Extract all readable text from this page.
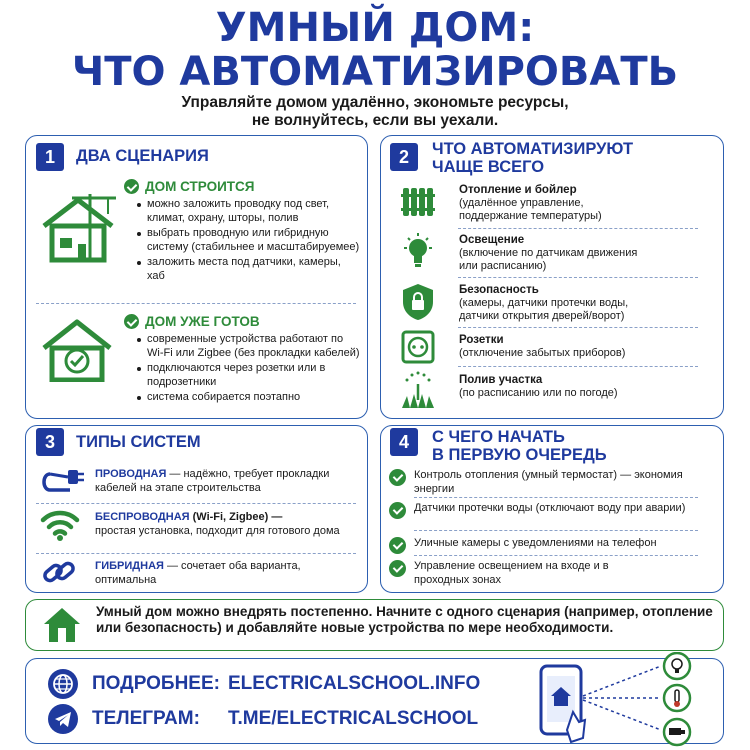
УМНЫЙ ДОМ:
ЧТО АВТОМАТИЗИРОВАТЬ
Управляйте домом удалённо, экономьте ресурсы,
не волнуйтесь, если вы уехали.
1	ДВА СЦЕНАРИЯ
ДОМ СТРОИТСЯ
можно заложить проводку под свет, климат, охрану, шторы, полив
выбрать проводную или гибридную систему (стабильнее и масштабируемее)
заложить места под датчики, камеры, хаб
ДОМ УЖЕ ГОТОВ
современные устройства работают по Wi-Fi или Zigbee (без прокладки кабелей)
подключаются через розетки или в подрозетники
система собирается поэтапно
2	ЧТО АВТОМАТИЗИРУЮТ
ЧАЩЕ ВСЕГО
Отопление и бойлер
(удалённое управление,
поддержание температуры)
Освещение
(включение по датчикам движения
или расписанию)
Безопасность
(камеры, датчики протечки воды,
датчики открытия дверей/ворот)
Розетки
(отключение забытых приборов)
Полив участка
(по расписанию или по погоде)
3	ТИПЫ СИСТЕМ
ПРОВОДНАЯ — надёжно, требует прокладки кабелей на этапе строительства
БЕСПРОВОДНАЯ (Wi-Fi, Zigbee) —
простая установка, подходит для готового дома
ГИБРИДНАЯ — сочетает оба варианта, оптимальна
4	С ЧЕГО НАЧАТЬ
В ПЕРВУЮ ОЧЕРЕДЬ
Контроль отопления (умный термостат) — экономия энергии
Датчики протечки воды (отключают воду при аварии)
Уличные камеры с уведомлениями на телефон
Управление освещением на входе и в проходных зонах
Умный дом можно внедрять постепенно. Начните с одного сценария (например, отопление или безопасность) и добавляйте новые устройства по мере необходимости.
ПОДРОБНЕЕ: ELECTRICALSCHOOL.INFO
ТЕЛЕГРАМ:	T.ME/ELECTRICALSCHOOL
